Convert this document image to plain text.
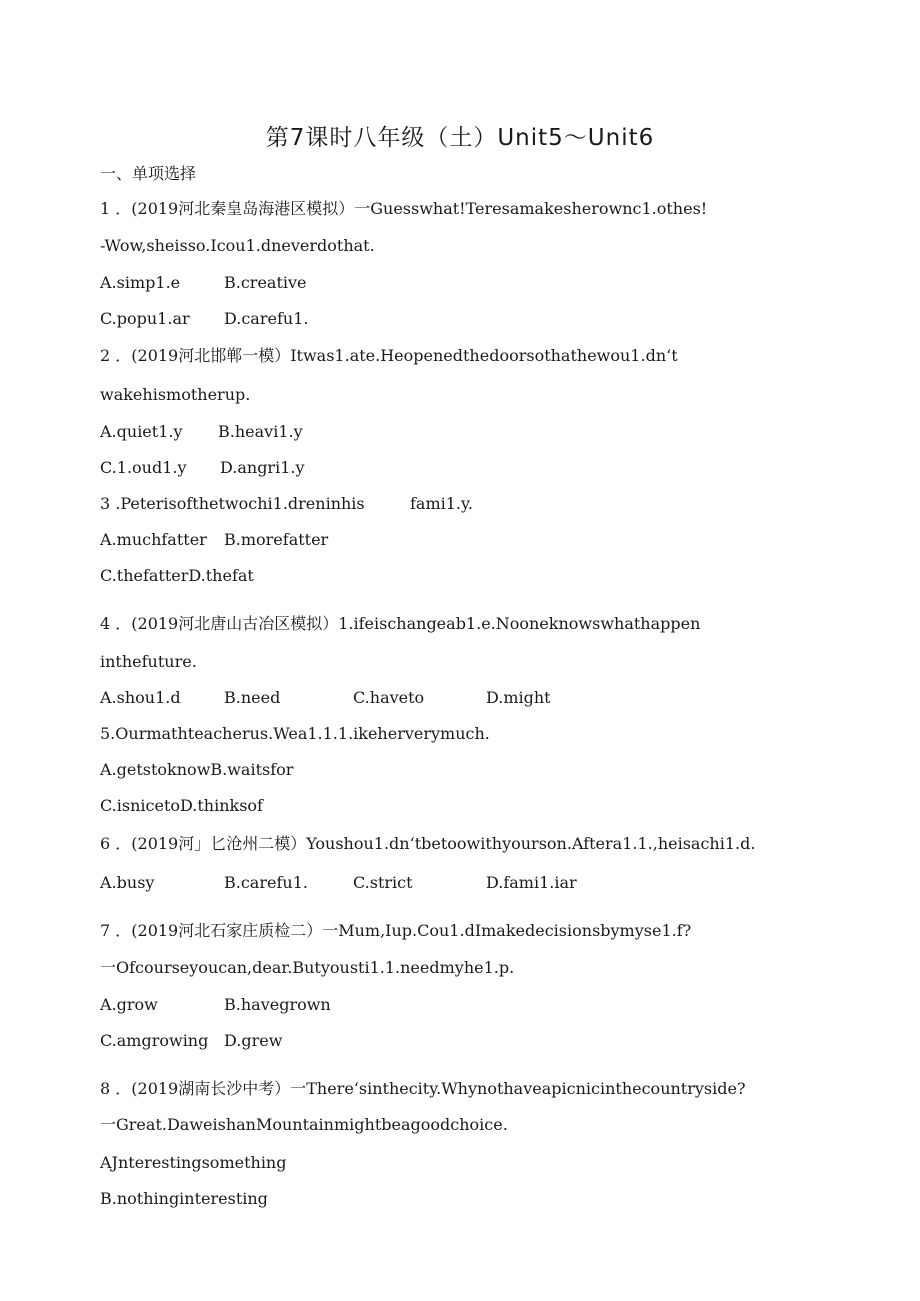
第7课时八年级（土）Unit5～Unit6
一、单项选择
1 ．(2019河北秦皇岛海港区模拟）一Guesswhat!Teresamakesherownc1.othes!
-Wow,sheisso.Icou1.dneverdothat.
A.simp1.e	B.creative
C.popu1.ar D.carefu1.
2 ．(2019河北邯郸一模）Itwas1.ate.Heopenedthedoorsothathewou1.dn‘t
wakehismotherup.
A.quiet1.y B.heavi1.y
C.1.oud1.y D.angri1.y
3 .Peterisofthetwochi1.dreninhis	fami1.y.
A.muchfatter B.morefatter
C.thefatterD.thefat
4 ．(2019河北唐山古冶区模拟）1.ifeischangeab1.e.Nooneknowswhathappen
inthefuture.
A.shou1.d	B.need	C.haveto	D.might
5.Ourmathteacherus.Wea1.1.1.ikeherverymuch.
A.getstoknowB.waitsfor
C.isnicetoD.thinksof
6 ．(2019河」匕沧州二模）Youshou1.dn‘tbetoowithyourson.Aftera1.1.,heisachi1.d.
A.busy	B.carefu1.	C.strict	D.fami1.iar
7 ．(2019河北石家庄质检二）一Mum,Iup.Cou1.dImakedecisionsbymyse1.f?
一Ofcourseyoucan,dear.Butyousti1.1.needmyhe1.p.
A.grow	B.havegrown
C.amgrowing D.grew
8 ．(2019湖南长沙中考）一There‘sinthecity.Whynothaveapicnicinthecountryside?
一Great.DaweishanMountainmightbeagoodchoice.
AJnterestingsomething
B.nothinginteresting
